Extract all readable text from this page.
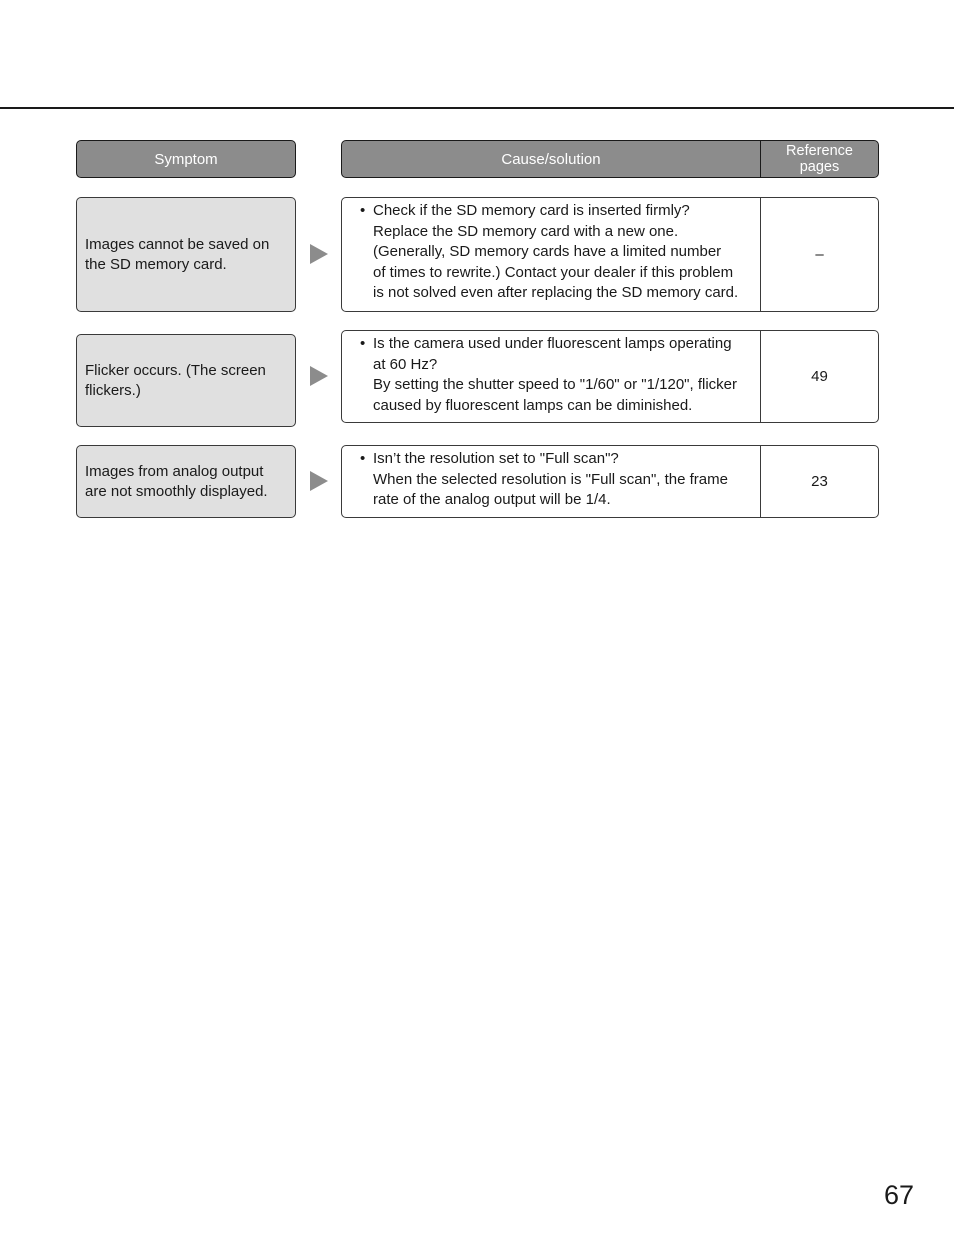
Symptom	Cause/solution	Reference
pages
Images cannot be saved on the SD memory card.
• Check if the SD memory card is inserted firmly?
Replace the SD memory card with a new one.
(Generally, SD memory cards have a limited number
of times to rewrite.) Contact your dealer if this problem
is not solved even after replacing the SD memory card.
–
Flicker occurs. (The screen flickers.)
• Is the camera used under fluorescent lamps operating
at 60 Hz?
By setting the shutter speed to "1/60" or "1/120", flicker
caused by fluorescent lamps can be diminished.
49
Images from analog output are not smoothly displayed.
• Isn’t the resolution set to "Full scan"?
When the selected resolution is "Full scan", the frame
rate of the analog output will be 1/4.
23
67
